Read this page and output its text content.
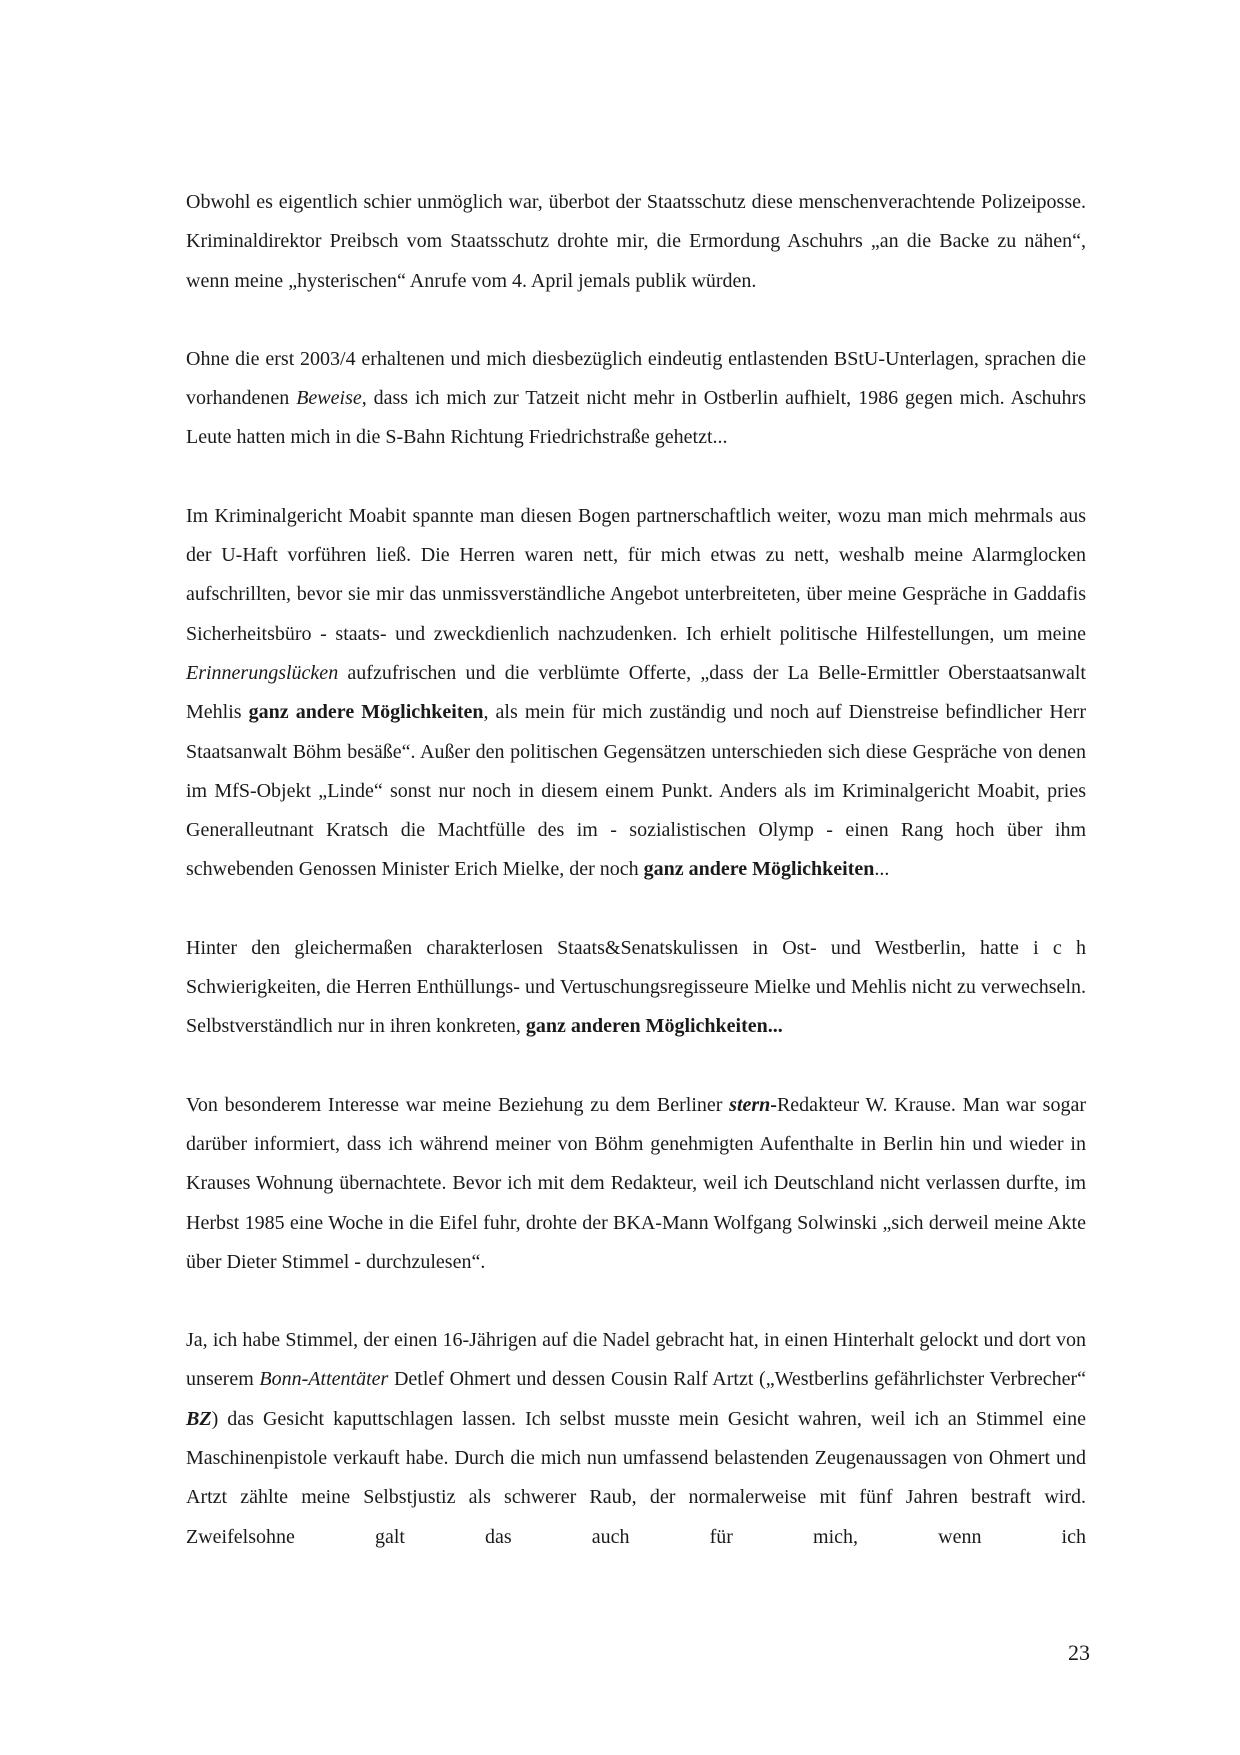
Obwohl es eigentlich schier unmöglich war, überbot der Staatsschutz diese menschenverachtende Polizeiposse. Kriminaldirektor Preibsch vom Staatsschutz drohte mir, die Ermordung Aschuhrs „an die Backe zu nähen“, wenn meine „hysterischen“ Anrufe vom 4. April jemals publik würden.

Ohne die erst 2003/4 erhaltenen und mich diesbezüglich eindeutig entlastenden BStU-Unterlagen, sprachen die vorhandenen Beweise, dass ich mich zur Tatzeit nicht mehr in Ostberlin aufhielt, 1986 gegen mich. Aschuhrs Leute hatten mich in die S-Bahn Richtung Friedrichstraße gehetzt...

Im Kriminalgericht Moabit spannte man diesen Bogen partnerschaftlich weiter, wozu man mich mehrmals aus der U-Haft vorführen ließ. Die Herren waren nett, für mich etwas zu nett, weshalb meine Alarmglocken aufschrillten, bevor sie mir das unmissverständliche Angebot unterbreiteten, über meine Gespräche in Gaddafis Sicherheitsbüro - staats- und zweckdienlich nachzudenken. Ich erhielt politische Hilfestellungen, um meine Erinnerungslücken aufzufrischen und die verblümte Offerte, „dass der La Belle-Ermittler Oberstaatsanwalt Mehlis ganz andere Möglichkeiten, als mein für mich zuständig und noch auf Dienstreise befindlicher Herr Staatsanwalt Böhm besäße“. Außer den politischen Gegensätzen unterschieden sich diese Gespräche von denen im MfS-Objekt „Linde“ sonst nur noch in diesem einem Punkt. Anders als im Kriminalgericht Moabit, pries Generalleutnant Kratsch die Machtfülle des im - sozialistischen Olymp - einen Rang hoch über ihm schwebenden Genossen Minister Erich Mielke, der noch ganz andere Möglichkeiten...

Hinter den gleichermaßen charakterlosen Staats&Senatskulissen in Ost- und Westberlin, hatte i c h Schwierigkeiten, die Herren Enthüllungs- und Vertuschungsregisseure Mielke und Mehlis nicht zu verwechseln. Selbstverständlich nur in ihren konkreten, ganz anderen Möglichkeiten...

Von besonderem Interesse war meine Beziehung zu dem Berliner stern-Redakteur W. Krause. Man war sogar darüber informiert, dass ich während meiner von Böhm genehmigten Aufenthalte in Berlin hin und wieder in Krauses Wohnung übernachtete. Bevor ich mit dem Redakteur, weil ich Deutschland nicht verlassen durfte, im Herbst 1985 eine Woche in die Eifel fuhr, drohte der BKA-Mann Wolfgang Solwinski „sich derweil meine Akte über Dieter Stimmel - durchzulesen“.

Ja, ich habe Stimmel, der einen 16-Jährigen auf die Nadel gebracht hat, in einen Hinterhalt gelockt und dort von unserem Bonn-Attentäter Detlef Ohmert und dessen Cousin Ralf Artzt („Westberlins gefährlichster Verbrecher“ BZ) das Gesicht kaputtschlagen lassen. Ich selbst musste mein Gesicht wahren, weil ich an Stimmel eine Maschinenpistole verkauft habe. Durch die mich nun umfassend belastenden Zeugenaussagen von Ohmert und Artzt zählte meine Selbstjustiz als schwerer Raub, der normalerweise mit fünf Jahren bestraft wird. Zweifelsohne galt das auch für mich, wenn ich

23
